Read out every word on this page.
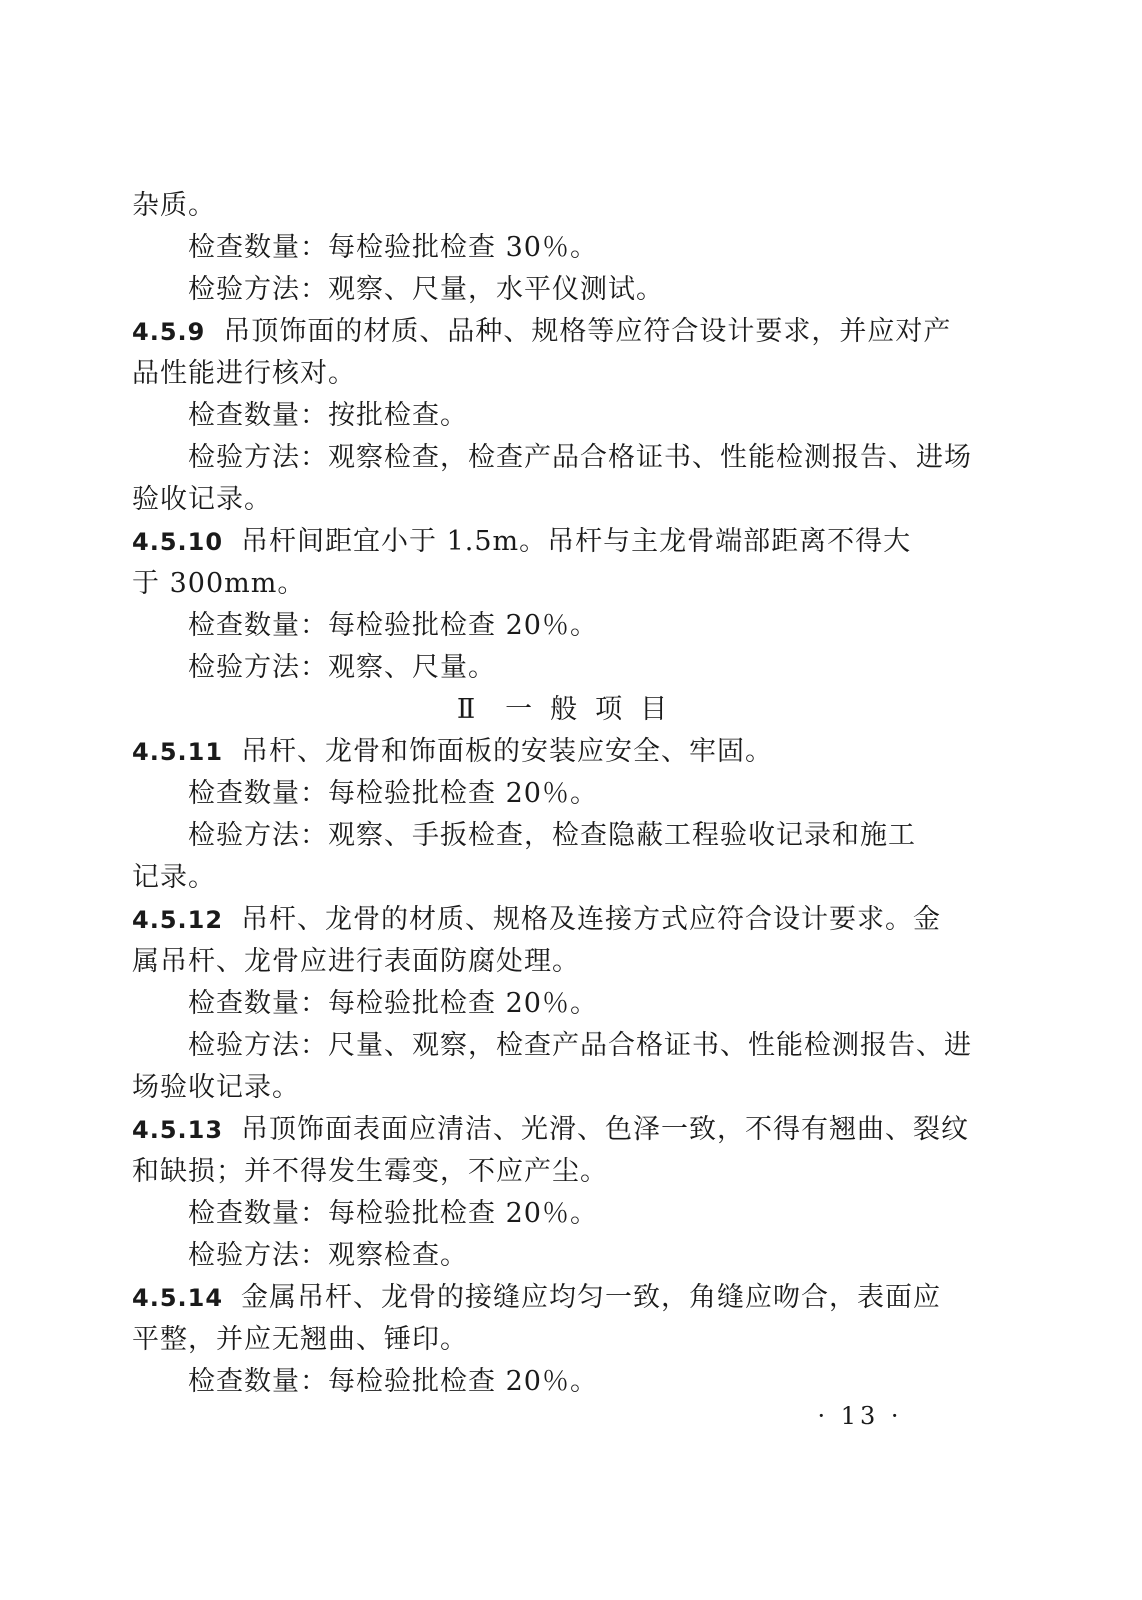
杂质。
检查数量：每检验批检查 30％。
检验方法：观察、尺量，水平仪测试。
4.5.9 吊顶饰面的材质、品种、规格等应符合设计要求，并应对产
品性能进行核对。
检查数量：按批检查。
检验方法：观察检查，检查产品合格证书、性能检测报告、进场
验收记录。
4.5.10 吊杆间距宜小于 1.5m。吊杆与主龙骨端部距离不得大
于 300mm。
检查数量：每检验批检查 20％。
检验方法：观察、尺量。
Ⅱ 一般项目
4.5.11 吊杆、龙骨和饰面板的安装应安全、牢固。
检查数量：每检验批检查 20％。
检验方法：观察、手扳检查，检查隐蔽工程验收记录和施工
记录。
4.5.12 吊杆、龙骨的材质、规格及连接方式应符合设计要求。金
属吊杆、龙骨应进行表面防腐处理。
检查数量：每检验批检查 20％。
检验方法：尺量、观察，检查产品合格证书、性能检测报告、进
场验收记录。
4.5.13 吊顶饰面表面应清洁、光滑、色泽一致，不得有翘曲、裂纹
和缺损；并不得发生霉变，不应产尘。
检查数量：每检验批检查 20％。
检验方法：观察检查。
4.5.14 金属吊杆、龙骨的接缝应均匀一致，角缝应吻合，表面应
平整，并应无翘曲、锤印。
检查数量：每检验批检查 20％。
· 13 ·
